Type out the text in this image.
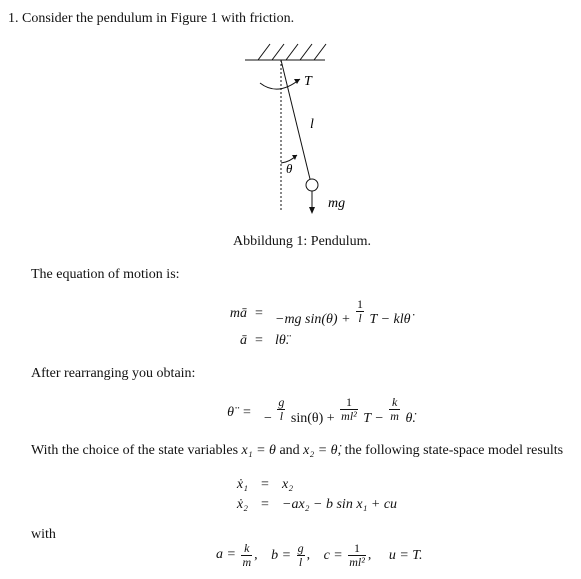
1. Consider the pendulum in Figure 1 with friction.
T
l
θ
mg
Abbildung 1: Pendulum.
The equation of motion is:
mā = −mg $\sin(\theta) + \frac{1}{l}$ T − klθ̇
ā = lθ̈.
After rearranging you obtain:
θ̈ = − $\frac{g}{l} \sin(\theta) + \frac{1}{\text{ml²}}$ $T - \frac{k}{m}$ θ̇.
With the choice of the state variables x₁ = θ and x₂ = θ̇, the following state-space model results
ẋ₁ = x₂
ẋ₂ = −ax₂ − b sin x₁ + cu
with
$a = \frac{k}{m}$ , $b = \frac{g}{l}$ , $c = \frac{1}{\text{ml²}}$ , u = T.
